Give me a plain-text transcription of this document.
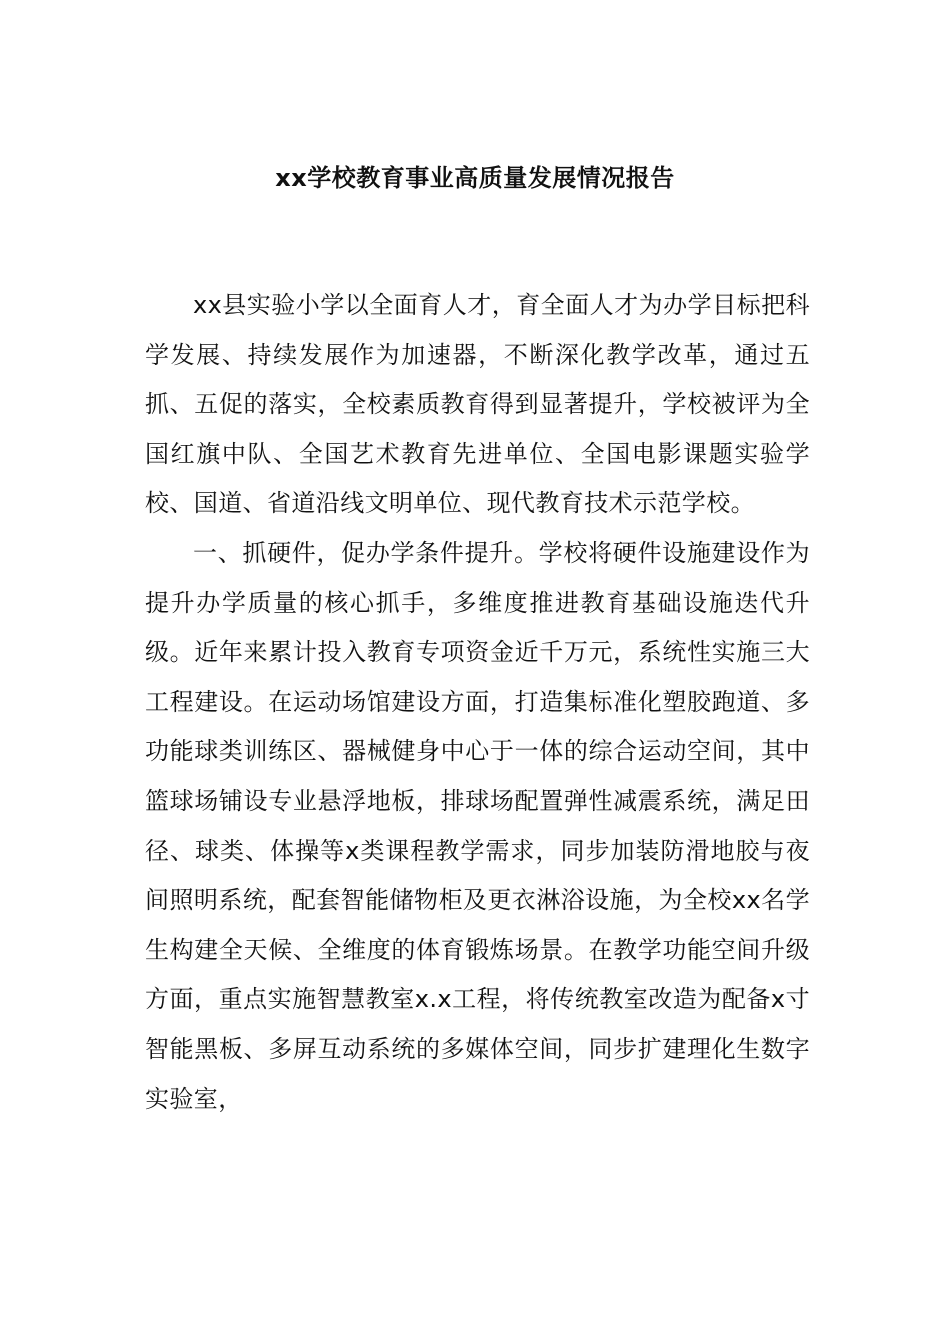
xx学校教育事业高质量发展情况报告

xx县实验小学以全面育人才，育全面人才为办学目标把科学发展、持续发展作为加速器，不断深化教学改革，通过五抓、五促的落实，全校素质教育得到显著提升，学校被评为全国红旗中队、全国艺术教育先进单位、全国电影课题实验学校、国道、省道沿线文明单位、现代教育技术示范学校。

一、抓硬件，促办学条件提升。学校将硬件设施建设作为提升办学质量的核心抓手，多维度推进教育基础设施迭代升级。近年来累计投入教育专项资金近千万元，系统性实施三大工程建设。在运动场馆建设方面，打造集标准化塑胶跑道、多功能球类训练区、器械健身中心于一体的综合运动空间，其中篮球场铺设专业悬浮地板，排球场配置弹性减震系统，满足田径、球类、体操等x类课程教学需求，同步加装防滑地胶与夜间照明系统，配套智能储物柜及更衣淋浴设施，为全校xx名学生构建全天候、全维度的体育锻炼场景。在教学功能空间升级方面，重点实施智慧教室x.x工程，将传统教室改造为配备x寸智能黑板、多屏互动系统的多媒体空间，同步扩建理化生数字实验室，
